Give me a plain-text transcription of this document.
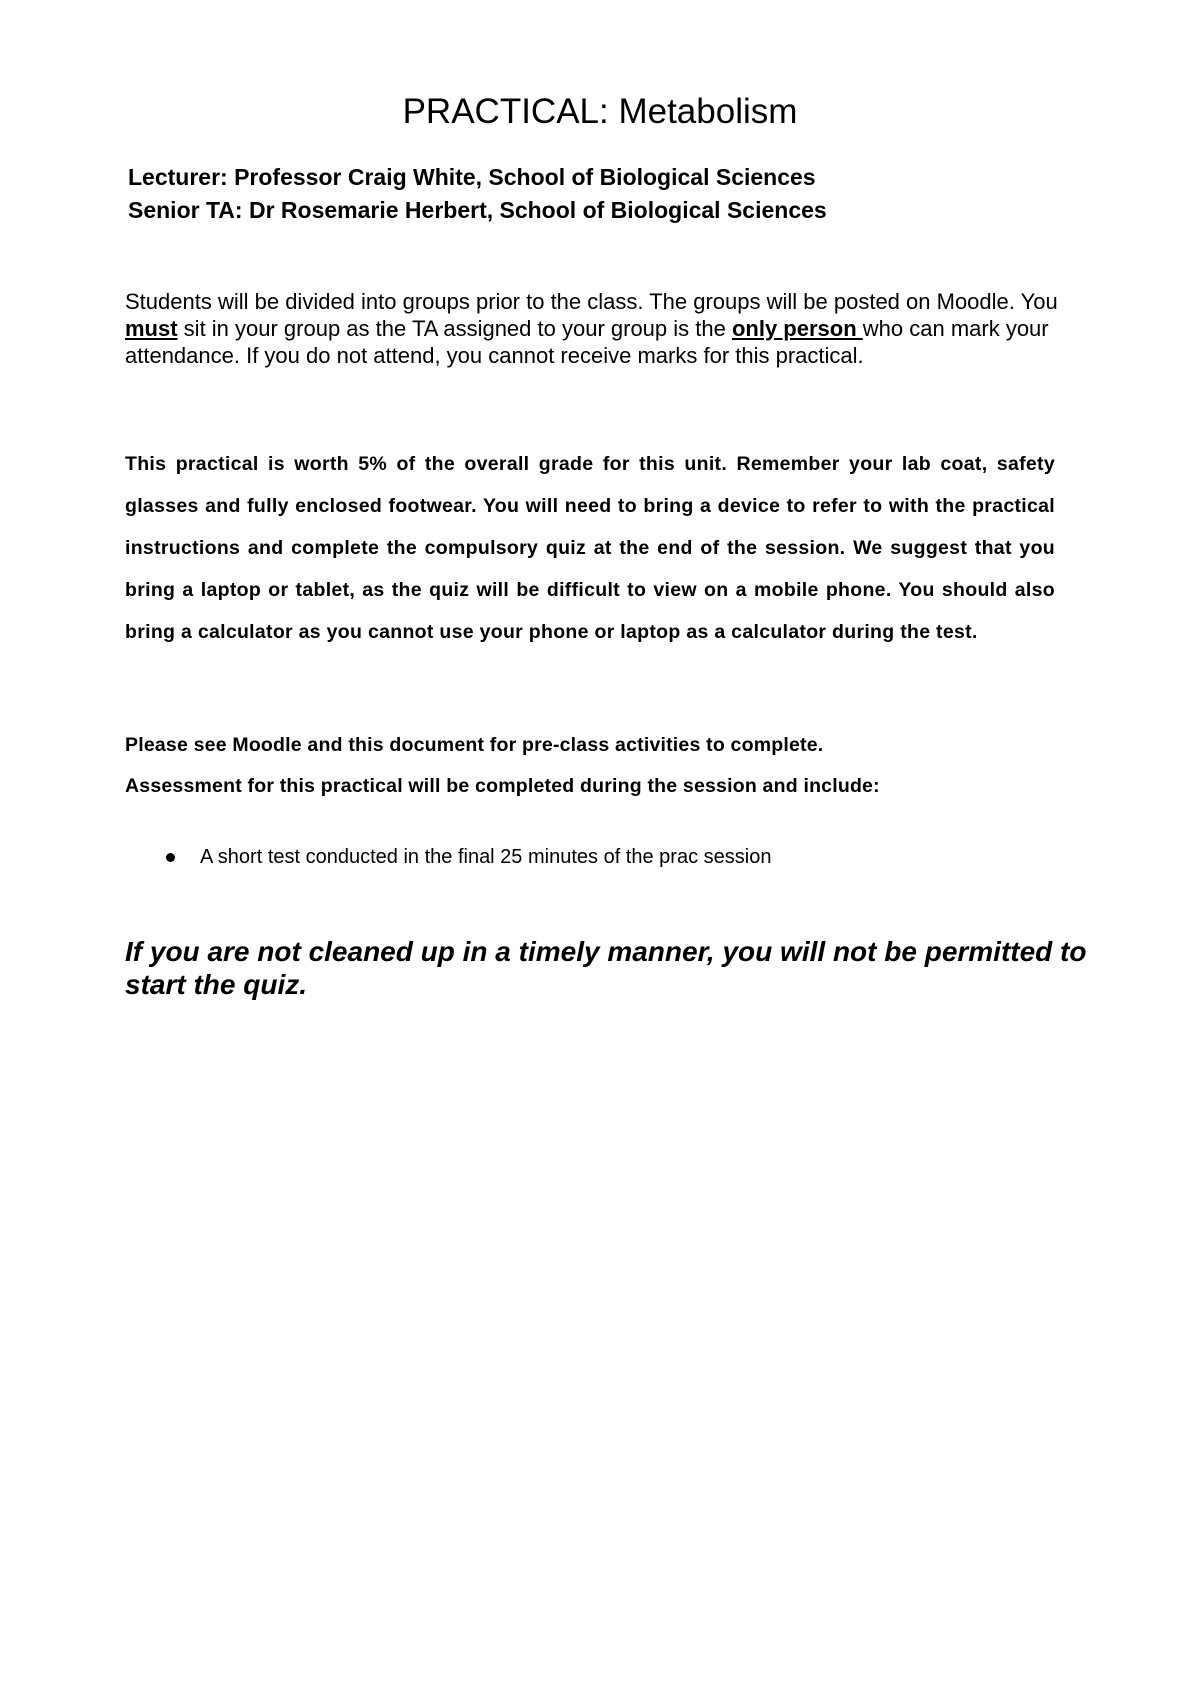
PRACTICAL: Metabolism

Lecturer: Professor Craig White, School of Biological Sciences

Senior TA: Dr Rosemarie Herbert, School of Biological Sciences

Students will be divided into groups prior to the class. The groups will be posted on Moodle. You must sit in your group as the TA assigned to your group is the only person who can mark your attendance. If you do not attend, you cannot receive marks for this practical.

This practical is worth 5% of the overall grade for this unit. Remember your lab coat, safety glasses and fully enclosed footwear. You will need to bring a device to refer to with the practical instructions and complete the compulsory quiz at the end of the session. We suggest that you bring a laptop or tablet, as the quiz will be difficult to view on a mobile phone. You should also bring a calculator as you cannot use your phone or laptop as a calculator during the test.

Please see Moodle and this document for pre-class activities to complete.

Assessment for this practical will be completed during the session and include:

A short test conducted in the final 25 minutes of the prac session

If you are not cleaned up in a timely manner, you will not be permitted to start the quiz.
